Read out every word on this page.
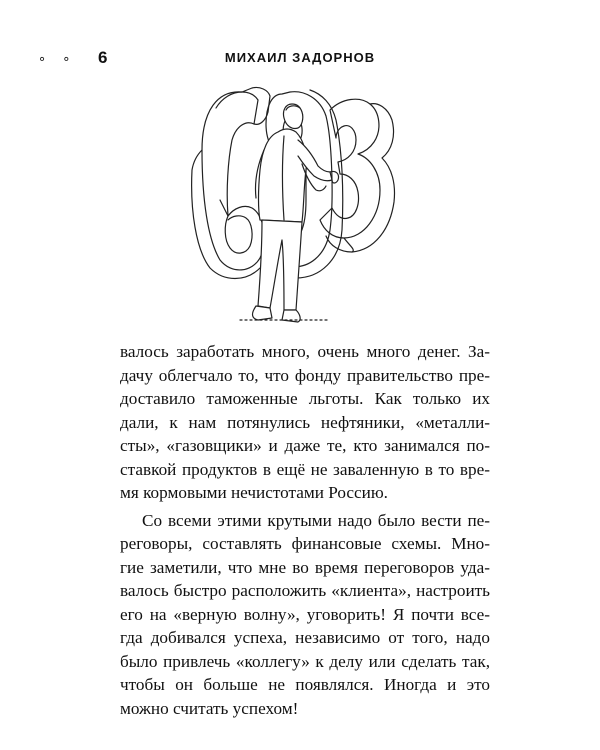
∘ ∘ 6	МИХАИЛ ЗАДОРНОВ

валось заработать много, очень много денег. За-
дачу облегчало то, что фонду правительство пре-
доставило таможенные льготы. Как только их
дали, к нам потянулись нефтяники, «металли-
сты», «газовщики» и даже те, кто занимался по-
ставкой продуктов в ещё не заваленную в то вре-
мя кормовыми нечистотами Россию.

Со всеми этими крутыми надо было вести пе-
реговоры, составлять финансовые схемы. Мно-
гие заметили, что мне во время переговоров уда-
валось быстро расположить «клиента», настроить
его на «верную волну», уговорить! Я почти все-
гда добивался успеха, независимо от того, надо
было привлечь «коллегу» к делу или сделать так,
чтобы он больше не появлялся. Иногда и это
можно считать успехом!
